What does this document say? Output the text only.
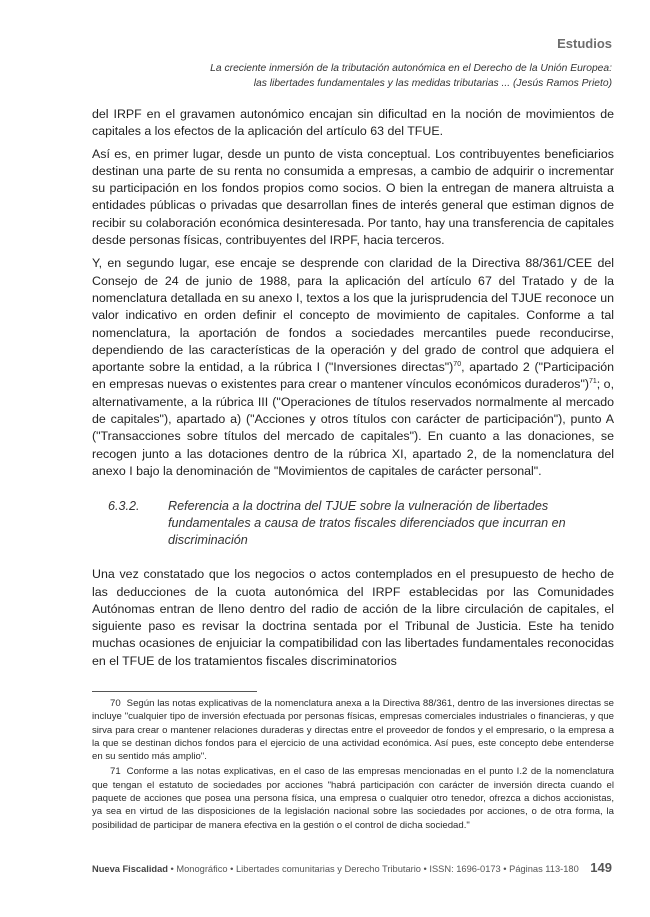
Estudios
La creciente inmersión de la tributación autonómica en el Derecho de la Unión Europea:
las libertades fundamentales y las medidas tributarias ... (Jesús Ramos Prieto)

del IRPF en el gravamen autonómico encajan sin dificultad en la noción de movimientos de capitales a los efectos de la aplicación del artículo 63 del TFUE.

Así es, en primer lugar, desde un punto de vista conceptual. Los contribuyentes beneficiarios destinan una parte de su renta no consumida a empresas, a cambio de adquirir o incrementar su participación en los fondos propios como socios. O bien la entregan de manera altruista a entidades públicas o privadas que desarrollan fines de interés general que estiman dignos de recibir su colaboración económica desinteresada. Por tanto, hay una transferencia de capitales desde personas físicas, contribuyentes del IRPF, hacia terceros.

Y, en segundo lugar, ese encaje se desprende con claridad de la Directiva 88/361/CEE del Consejo de 24 de junio de 1988, para la aplicación del artículo 67 del Tratado y de la nomenclatura detallada en su anexo I, textos a los que la jurisprudencia del TJUE reconoce un valor indicativo en orden definir el concepto de movimiento de capitales. Conforme a tal nomenclatura, la aportación de fondos a sociedades mercantiles puede reconducirse, dependiendo de las características de la operación y del grado de control que adquiera el aportante sobre la entidad, a la rúbrica I ("Inversiones directas")$^{70}$, apartado 2 ("Participación en empresas nuevas o existentes para crear o mantener vínculos económicos duraderos")$^{71}$; o, alternativamente, a la rúbrica III ("Operaciones de títulos reservados normalmente al mercado de capitales"), apartado a) ("Acciones y otros títulos con carácter de participación"), punto A ("Transacciones sobre títulos del mercado de capitales"). En cuanto a las donaciones, se recogen junto a las dotaciones dentro de la rúbrica XI, apartado 2, de la nomenclatura del anexo I bajo la denominación de "Movimientos de capitales de carácter personal".

6.3.2.	Referencia a la doctrina del TJUE sobre la vulneración de libertades fundamentales a causa de tratos fiscales diferenciados que incurran en discriminación

Una vez constatado que los negocios o actos contemplados en el presupuesto de hecho de las deducciones de la cuota autonómica del IRPF establecidas por las Comunidades Autónomas entran de lleno dentro del radio de acción de la libre circulación de capitales, el siguiente paso es revisar la doctrina sentada por el Tribunal de Justicia. Este ha tenido muchas ocasiones de enjuiciar la compatibilidad con las libertades fundamentales reconocidas en el TFUE de los tratamientos fiscales discriminatorios

70 Según las notas explicativas de la nomenclatura anexa a la Directiva 88/361, dentro de las inversiones directas se incluye "cualquier tipo de inversión efectuada por personas físicas, empresas comerciales industriales o financieras, y que sirva para crear o mantener relaciones duraderas y directas entre el proveedor de fondos y el empresario, o la empresa a la que se destinan dichos fondos para el ejercicio de una actividad económica. Así pues, este concepto debe entenderse en su sentido más amplio".

71 Conforme a las notas explicativas, en el caso de las empresas mencionadas en el punto I.2 de la nomenclatura que tengan el estatuto de sociedades por acciones "habrá participación con carácter de inversión directa cuando el paquete de acciones que posea una persona física, una empresa o cualquier otro tenedor, ofrezca a dichos accionistas, ya sea en virtud de las disposiciones de la legislación nacional sobre las sociedades por acciones, o de otra forma, la posibilidad de participar de manera efectiva en la gestión o el control de dicha sociedad."

Nueva Fiscalidad • Monográfico • Libertades comunitarias y Derecho Tributario • ISSN: 1696-0173 • Páginas 113-180 149
